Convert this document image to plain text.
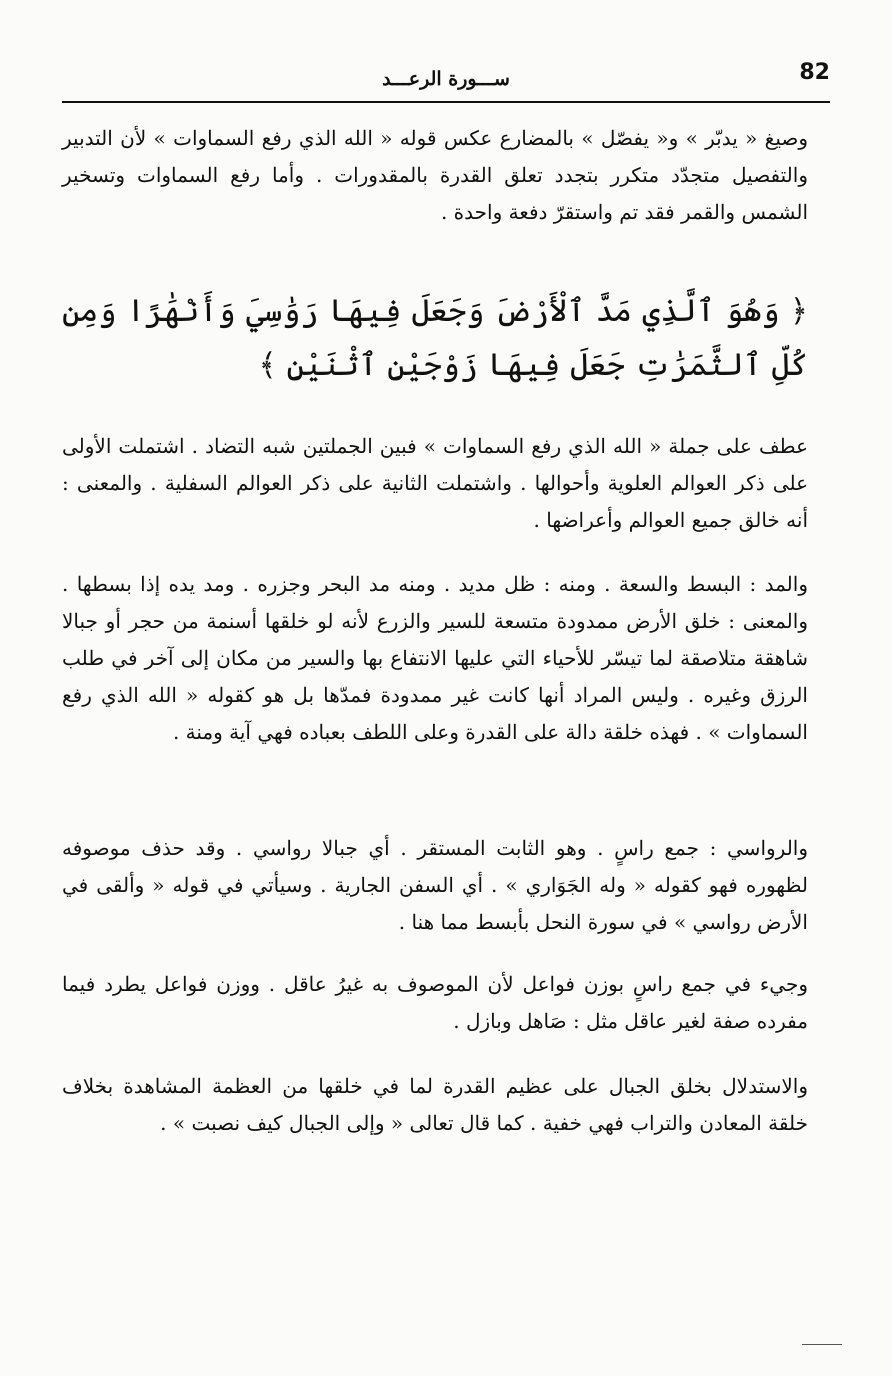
82
ســـورة الرعـــد

وصيغ « يدبّر » و« يفصّل » بالمضارع عكس قوله « الله الذي رفع السماوات » لأن التدبير والتفصيل متجدّد متكرر بتجدد تعلق القدرة بالمقدورات . وأما رفع السماوات وتسخير الشمس والقمر فقد تم واستقرّ دفعة واحدة .

﴿ وَهُوَ ٱلَّذِي مَدَّ ٱلْأَرْضَ وَجَعَلَ فِيهَا رَوَٰسِيَ وَأَنْهَٰرًا وَمِن كُلِّ ٱلثَّمَرَٰتِ جَعَلَ فِيهَا زَوْجَيْنِ ٱثْنَيْنِ ﴾

عطف على جملة « الله الذي رفع السماوات » فبين الجملتين شبه التضاد . اشتملت الأولى على ذكر العوالم العلوية وأحوالها . واشتملت الثانية على ذكر العوالم السفلية . والمعنى : أنه خالق جميع العوالم وأعراضها .

والمد : البسط والسعة . ومنه : ظل مديد . ومنه مد البحر وجزره . ومد يده إذا بسطها . والمعنى : خلق الأرض ممدودة متسعة للسير والزرع لأنه لو خلقها أسنمة من حجر أو جبالا شاهقة متلاصقة لما تيسّر للأحياء التي عليها الانتفاع بها والسير من مكان إلى آخر في طلب الرزق وغيره . وليس المراد أنها كانت غير ممدودة فمدّها بل هو كقوله « الله الذي رفع السماوات » . فهذه خلقة دالة على القدرة وعلى اللطف بعباده فهي آية ومنة .

والرواسي : جمع راسٍ . وهو الثابت المستقر . أي جبالا رواسي . وقد حذف موصوفه لظهوره فهو كقوله « وله الجَوَاري » . أي السفن الجارية . وسيأتي في قوله « وألقى في الأرض رواسي » في سورة النحل بأبسط مما هنا .

وجيء في جمع راسٍ بوزن فواعل لأن الموصوف به غيرُ عاقل . ووزن فواعل يطرد فيما مفرده صفة لغير عاقل مثل : صَاهل وبازل .

والاستدلال بخلق الجبال على عظيم القدرة لما في خلقها من العظمة المشاهدة بخلاف خلقة المعادن والتراب فهي خفية . كما قال تعالى « وإلى الجبال كيف نصبت » .
